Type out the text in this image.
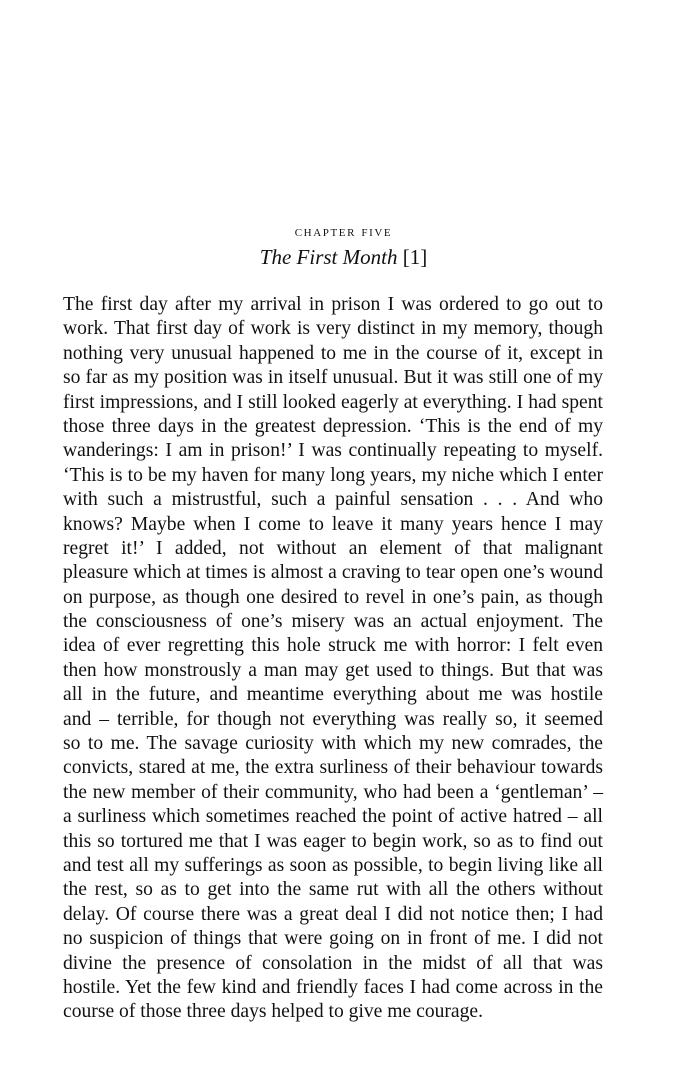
chapter five
The First Month [1]
The first day after my arrival in prison I was ordered to go out to
work. That first day of work is very distinct in my memory, though
nothing very unusual happened to me in the course of it, except in
so far as my position was in itself unusual. But it was still one of my
first impressions, and I still looked eagerly at everything. I had spent
those three days in the greatest depression. ‘This is the end of my
wanderings: I am in prison!’ I was continually repeating to myself.
‘This is to be my haven for many long years, my niche which I enter
with such a mistrustful, such a painful sensation . . . And who
knows? Maybe when I come to leave it many years hence I may
regret it!’ I added, not without an element of that malignant
pleasure which at times is almost a craving to tear open one’s wound
on purpose, as though one desired to revel in one’s pain, as though
the consciousness of one’s misery was an actual enjoyment. The
idea of ever regretting this hole struck me with horror: I felt even
then how monstrously a man may get used to things. But that was
all in the future, and meantime everything about me was hostile
and – terrible, for though not everything was really so, it seemed
so to me. The savage curiosity with which my new comrades, the
convicts, stared at me, the extra surliness of their behaviour towards
the new member of their community, who had been a ‘gentleman’ –
a surliness which sometimes reached the point of active hatred – all
this so tortured me that I was eager to begin work, so as to find out
and test all my sufferings as soon as possible, to begin living like all
the rest, so as to get into the same rut with all the others without
delay. Of course there was a great deal I did not notice then; I had
no suspicion of things that were going on in front of me. I did not
divine the presence of consolation in the midst of all that was
hostile. Yet the few kind and friendly faces I had come across in the
course of those three days helped to give me courage.
